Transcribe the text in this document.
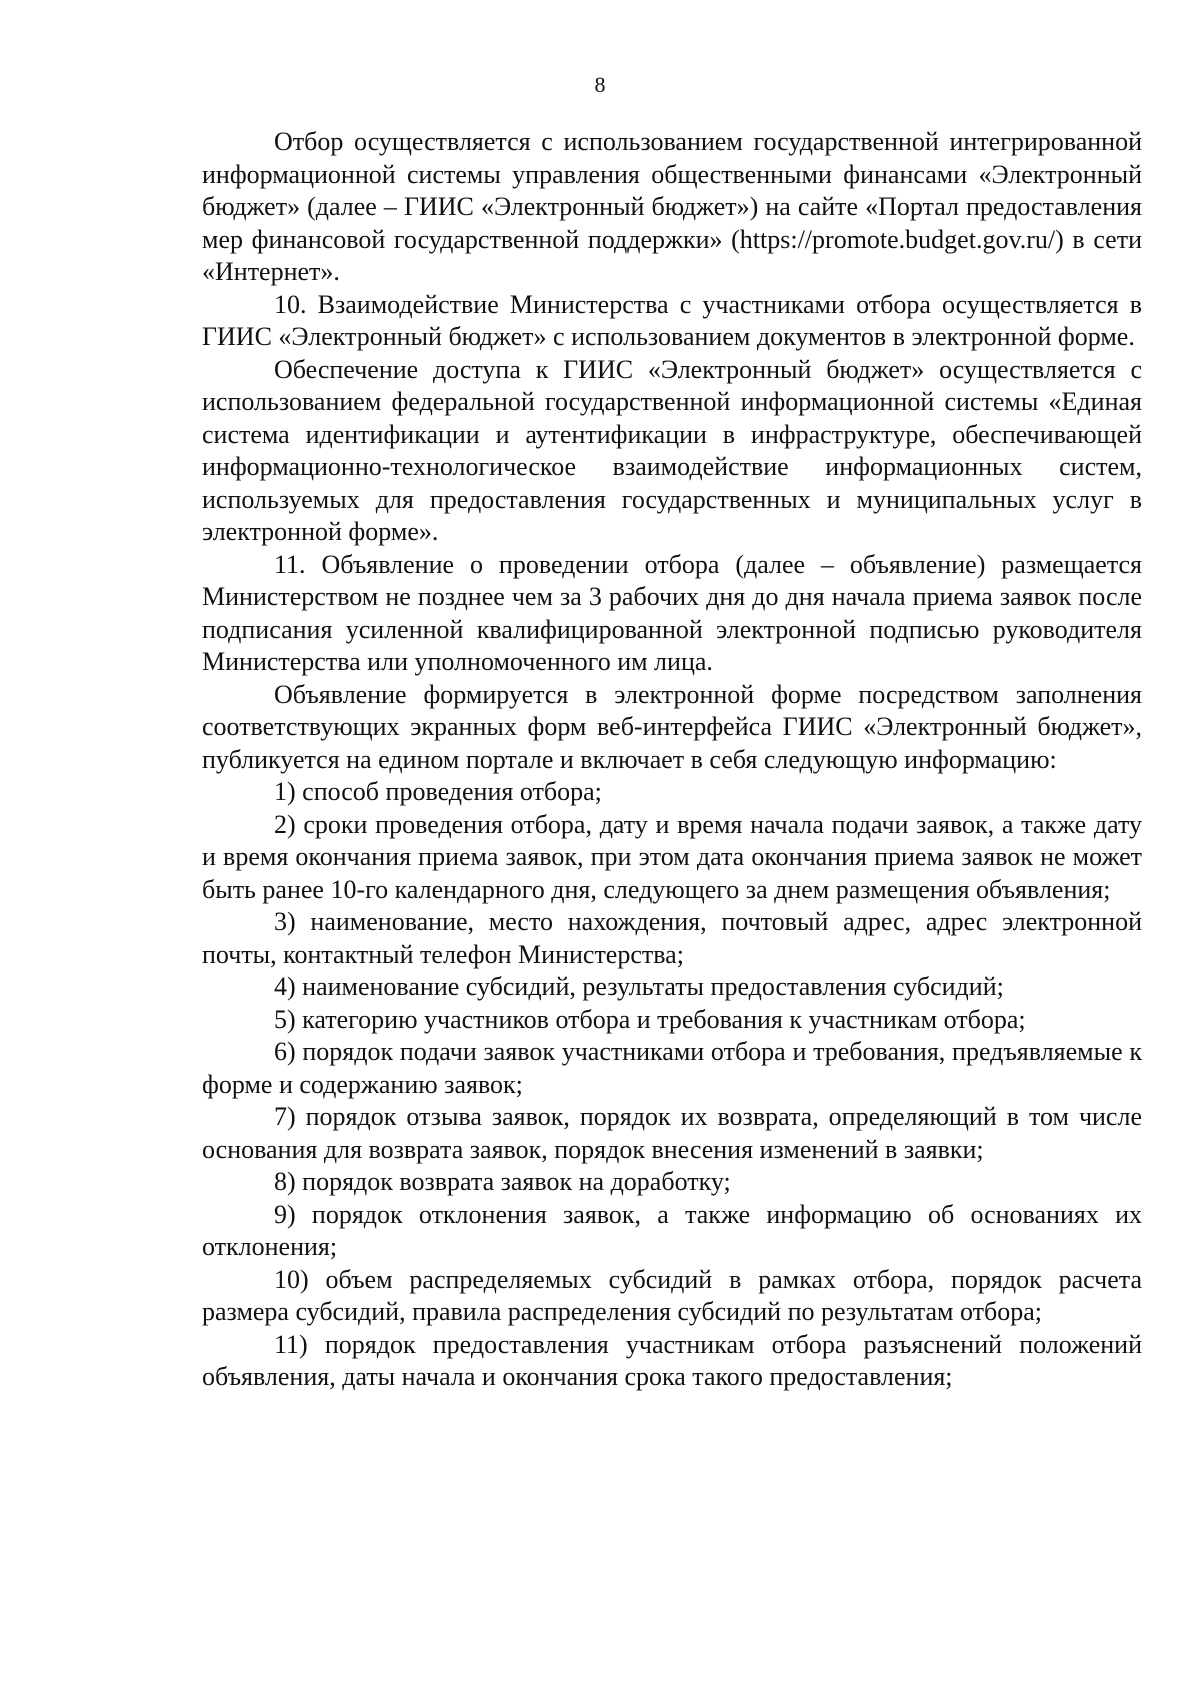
8

Отбор осуществляется с использованием государственной интегрированной информационной системы управления общественными финансами «Электронный бюджет» (далее – ГИИС «Электронный бюджет») на сайте «Портал предоставления мер финансовой государственной поддержки» (https://promote.budget.gov.ru/) в сети «Интернет».

10. Взаимодействие Министерства с участниками отбора осуществляется в ГИИС «Электронный бюджет» с использованием документов в электронной форме.

Обеспечение доступа к ГИИС «Электронный бюджет» осуществляется с использованием федеральной государственной информационной системы «Единая система идентификации и аутентификации в инфраструктуре, обеспечивающей информационно-технологическое взаимодействие информационных систем, используемых для предоставления государственных и муниципальных услуг в электронной форме».

11. Объявление о проведении отбора (далее – объявление) размещается Министерством не позднее чем за 3 рабочих дня до дня начала приема заявок после подписания усиленной квалифицированной электронной подписью руководителя Министерства или уполномоченного им лица.

Объявление формируется в электронной форме посредством заполнения соответствующих экранных форм веб-интерфейса ГИИС «Электронный бюджет», публикуется на едином портале и включает в себя следующую информацию:

1) способ проведения отбора;

2) сроки проведения отбора, дату и время начала подачи заявок, а также дату и время окончания приема заявок, при этом дата окончания приема заявок не может быть ранее 10-го календарного дня, следующего за днем размещения объявления;

3) наименование, место нахождения, почтовый адрес, адрес электронной почты, контактный телефон Министерства;

4) наименование субсидий, результаты предоставления субсидий;

5) категорию участников отбора и требования к участникам отбора;

6) порядок подачи заявок участниками отбора и требования, предъявляемые к форме и содержанию заявок;

7) порядок отзыва заявок, порядок их возврата, определяющий в том числе основания для возврата заявок, порядок внесения изменений в заявки;

8) порядок возврата заявок на доработку;

9) порядок отклонения заявок, а также информацию об основаниях их отклонения;

10) объем распределяемых субсидий в рамках отбора, порядок расчета размера субсидий, правила распределения субсидий по результатам отбора;

11) порядок предоставления участникам отбора разъяснений положений объявления, даты начала и окончания срока такого предоставления;
